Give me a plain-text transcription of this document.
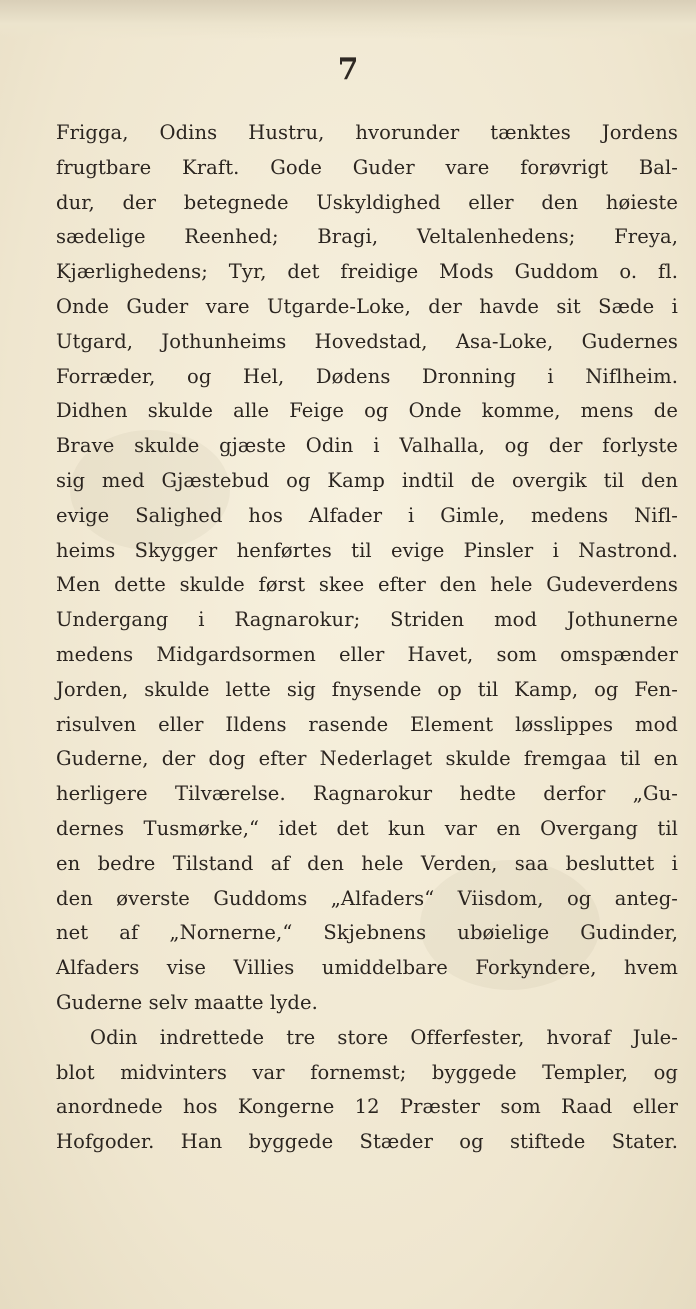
7
Frigga, Odins Hustru, hvorunder tænktes Jordens
frugtbare Kraft. Gode Guder vare forøvrigt Bal-
dur, der betegnede Uskyldighed eller den høieste
sædelige Reenhed; Bragi, Veltalenhedens; Freya,
Kjærlighedens; Tyr, det freidige Mods Guddom o. fl.
Onde Guder vare Utgarde-Loke, der havde sit Sæde i
Utgard, Jothunheims Hovedstad, Asa-Loke, Gudernes
Forræder, og Hel, Dødens Dronning i Niflheim.
Didhen skulde alle Feige og Onde komme, mens de
Brave skulde gjæste Odin i Valhalla, og der forlyste
sig med Gjæstebud og Kamp indtil de overgik til den
evige Salighed hos Alfader i Gimle, medens Nifl-
heims Skygger henførtes til evige Pinsler i Nastrond.
Men dette skulde først skee efter den hele Gudeverdens
Undergang i Ragnarokur; Striden mod Jothunerne
medens Midgardsormen eller Havet, som omspænder
Jorden, skulde lette sig fnysende op til Kamp, og Fen-
risulven eller Ildens rasende Element løsslippes mod
Guderne, der dog efter Nederlaget skulde fremgaa til en
herligere Tilværelse. Ragnarokur hedte derfor „Gu-
dernes Tusmørke,“ idet det kun var en Overgang til
en bedre Tilstand af den hele Verden, saa besluttet i
den øverste Guddoms „Alfaders“ Viisdom, og anteg-
net af „Nornerne,“ Skjebnens ubøielige Gudinder,
Alfaders vise Villies umiddelbare Forkyndere, hvem
Guderne selv maatte lyde.
Odin indrettede tre store Offerfester, hvoraf Jule-
blot midvinters var fornemst; byggede Templer, og
anordnede hos Kongerne 12 Præster som Raad eller
Hofgoder. Han byggede Stæder og stiftede Stater.
